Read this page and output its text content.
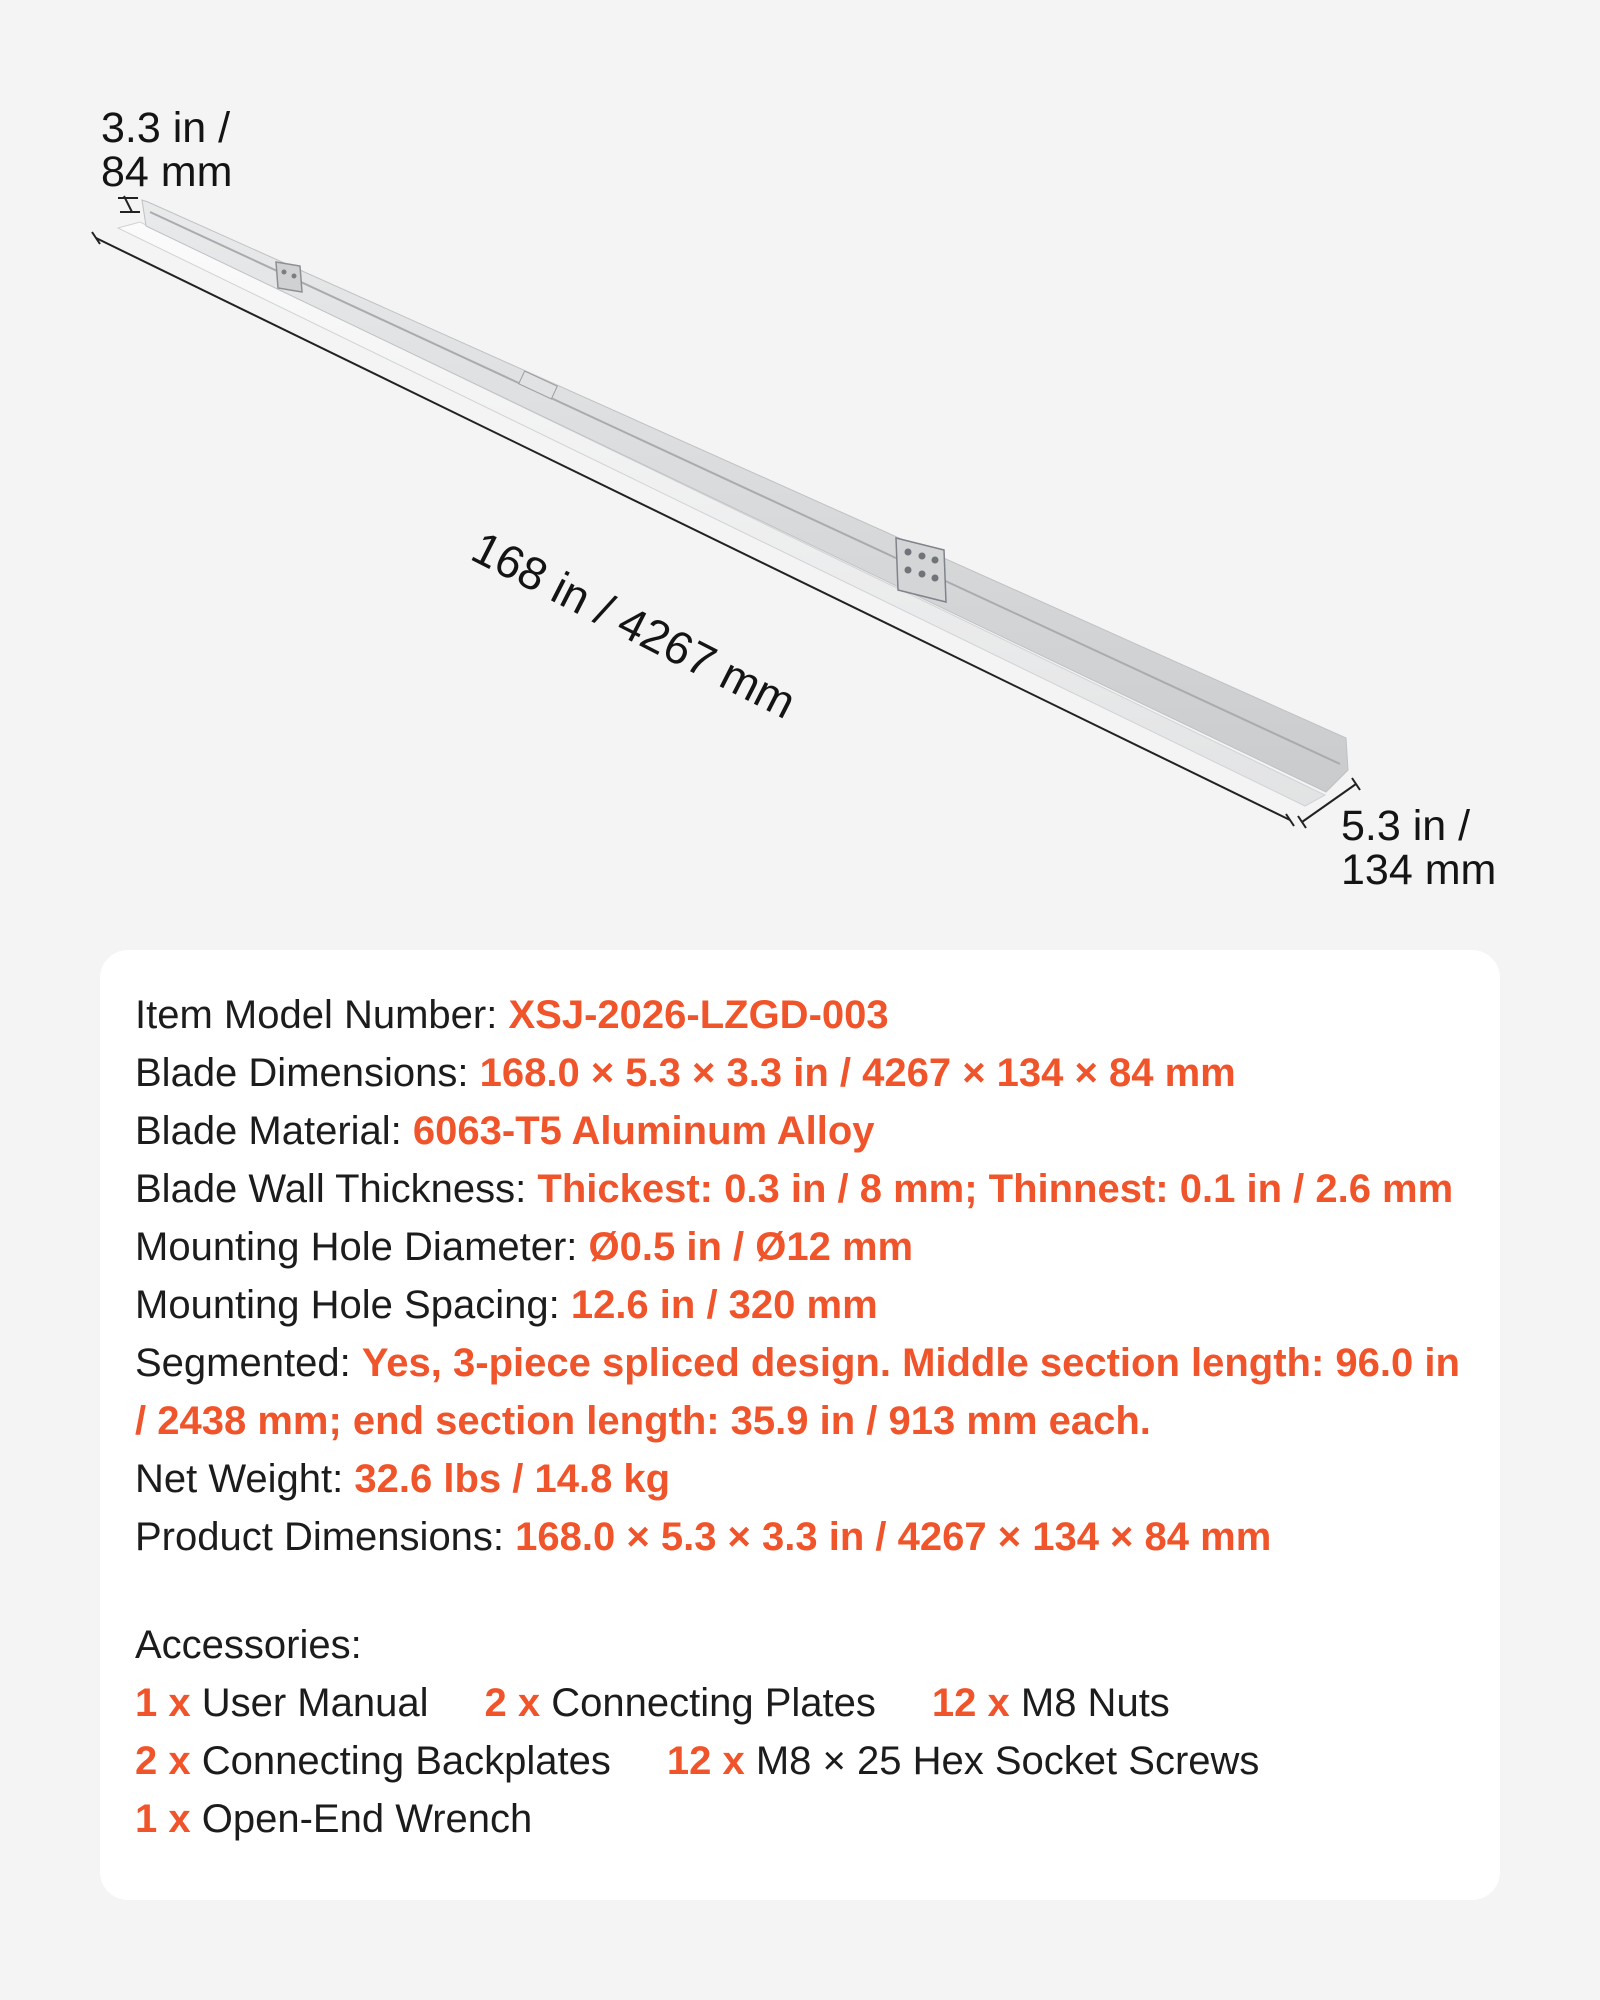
3.3 in /
84 mm
168 in / 4267 mm
5.3 in /
134 mm
Item Model Number: XSJ-2026-LZGD-003
Blade Dimensions: 168.0 × 5.3 × 3.3 in / 4267 × 134 × 84 mm
Blade Material: 6063-T5 Aluminum Alloy
Blade Wall Thickness: Thickest: 0.3 in / 8 mm; Thinnest: 0.1 in / 2.6 mm
Mounting Hole Diameter: Ø0.5 in / Ø12 mm
Mounting Hole Spacing: 12.6 in / 320 mm
Segmented: Yes, 3-piece spliced design. Middle section length: 96.0 in / 2438 mm; end section length: 35.9 in / 913 mm each.
Net Weight: 32.6 lbs / 14.8 kg
Product Dimensions: 168.0 × 5.3 × 3.3 in / 4267 × 134 × 84 mm
Accessories:
1 x User Manual 2 x Connecting Plates 12 x M8 Nuts
2 x Connecting Backplates 12 x M8 × 25 Hex Socket Screws
1 x Open-End Wrench
